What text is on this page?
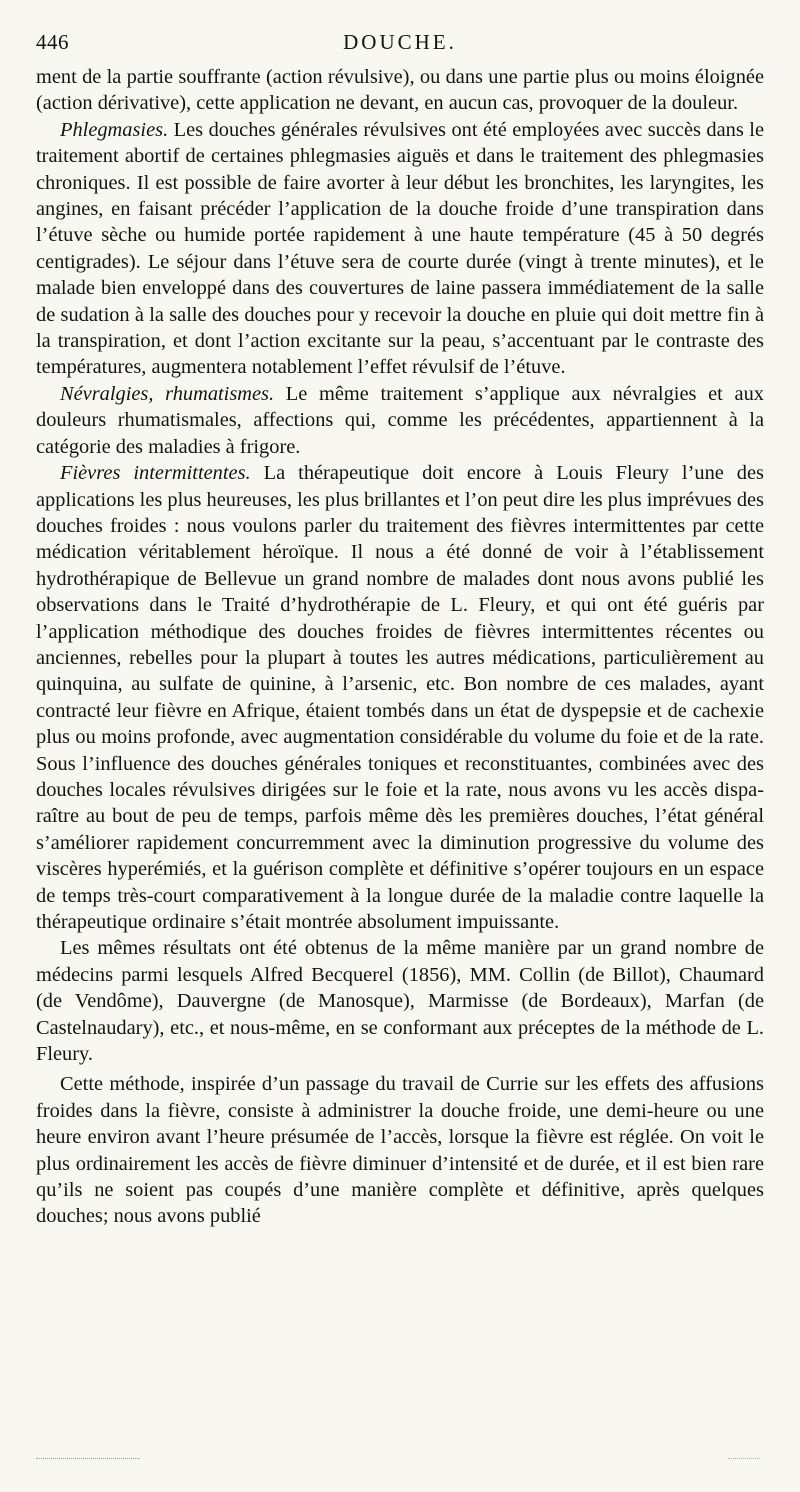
446	DOUCHE.

ment de la partie souffrante (action révulsive), ou dans une partie plus ou moins éloignée (action dérivative), cette application ne devant, en aucun cas, provoquer de la douleur.

Phlegmasies. Les douches générales révulsives ont été employées avec succès dans le traitement abortif de certaines phlegmasies aiguës et dans le traitement des phlegmasies chroniques. Il est possible de faire avorter à leur début les bronchites, les laryngites, les angines, en faisant précéder l’application de la douche froide d’une transpiration dans l’étuve sèche ou humide portée rapidement à une haute température (45 à 50 degrés centigrades). Le séjour dans l’étuve sera de courte durée (vingt à trente minutes), et le malade bien enveloppé dans des couvertures de laine passera immédiatement de la salle de sudation à la salle des douches pour y recevoir la douche en pluie qui doit mettre fin à la transpiration, et dont l’action excitante sur la peau, s’accentuant par le contraste des températures, augmentera notablement l’effet révulsif de l’étuve.

Névralgies, rhumatismes. Le même traitement s’applique aux névralgies et aux douleurs rhumatismales, affections qui, comme les précédentes, appartiennent à la catégorie des maladies à frigore.

Fièvres intermittentes. La thérapeutique doit encore à Louis Fleury l’une des applications les plus heureuses, les plus brillantes et l’on peut dire les plus imprévues des douches froides : nous voulons parler du traitement des fièvres intermittentes par cette médication véritablement héroïque. Il nous a été donné de voir à l’établissement hydrothérapique de Bellevue un grand nombre de malades dont nous avons publié les observations dans le Traité d’hydrothérapie de L. Fleury, et qui ont été guéris par l’application méthodique des douches froides de fièvres intermittentes récentes ou anciennes, rebelles pour la plupart à toutes les autres médications, particulièrement au quinquina, au sulfate de quinine, à l’arsenic, etc. Bon nombre de ces malades, ayant contracté leur fièvre en Afrique, étaient tombés dans un état de dyspepsie et de cachexie plus ou moins profonde, avec augmentation considérable du volume du foie et de la rate. Sous l’influence des douches générales toniques et reconstituantes, combinées avec des douches locales révulsives dirigées sur le foie et la rate, nous avons vu les accès disparaître au bout de peu de temps, parfois même dès les premières douches, l’état général s’améliorer rapidement concurremment avec la diminution progressive du volume des viscères hyperémiés, et la guérison complète et définitive s’opérer toujours en un espace de temps très-court comparativement à la longue durée de la maladie contre laquelle la thérapeutique ordinaire s’était montrée absolument impuissante.

Les mêmes résultats ont été obtenus de la même manière par un grand nombre de médecins parmi lesquels Alfred Becquerel (1856), MM. Collin (de Billot), Chaumard (de Vendôme), Dauvergne (de Manosque), Marmisse (de Bordeaux), Marfan (de Castelnaudary), etc., et nous-même, en se conformant aux préceptes de la méthode de L. Fleury.

Cette méthode, inspirée d’un passage du travail de Currie sur les effets des affusions froides dans la fièvre, consiste à administrer la douche froide, une demi-heure ou une heure environ avant l’heure présumée de l’accès, lorsque la fièvre est réglée. On voit le plus ordinairement les accès de fièvre diminuer d’intensité et de durée, et il est bien rare qu’ils ne soient pas coupés d’une manière complète et définitive, après quelques douches; nous avons publié
